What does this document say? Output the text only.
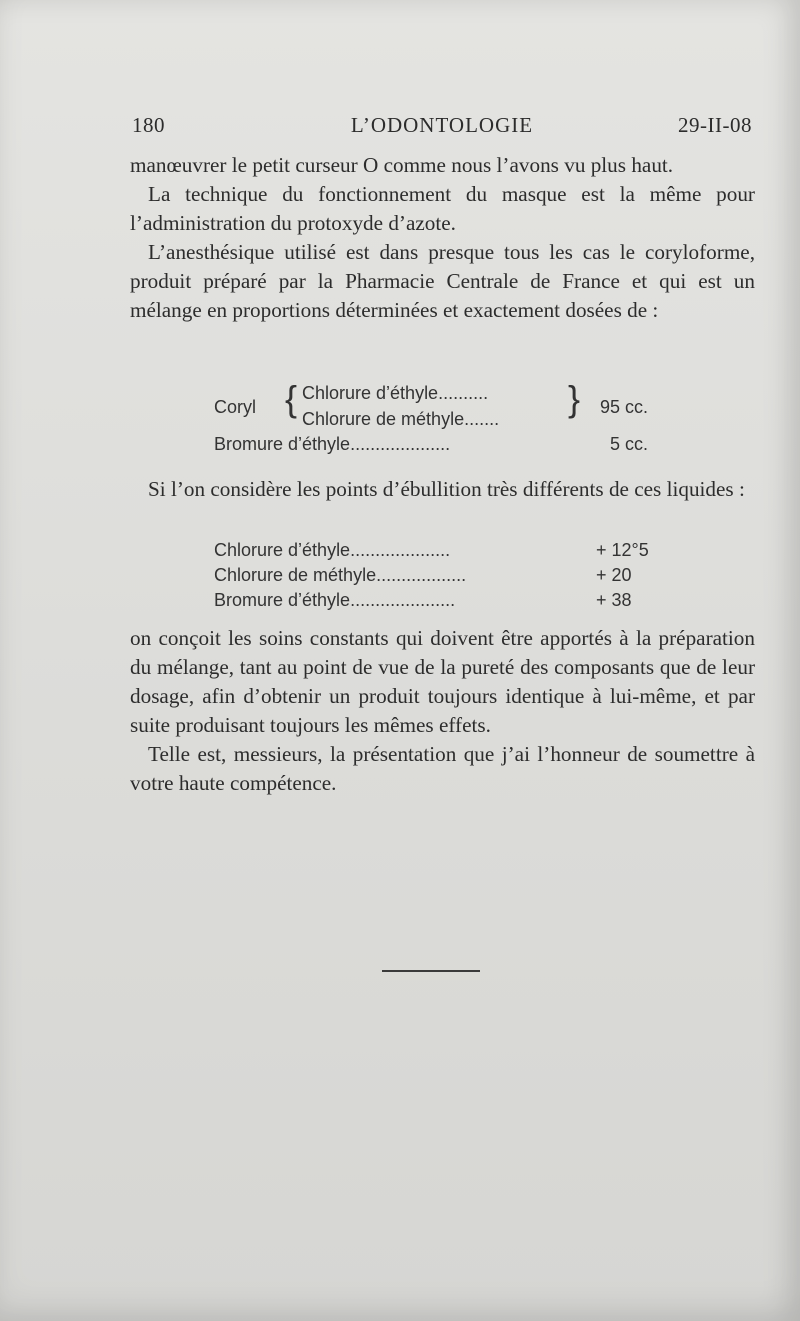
180	L’ODONTOLOGIE	29-II-08

manœuvrer le petit curseur O comme nous l’avons vu plus haut.

La technique du fonctionnement du masque est la même pour l’administration du protoxyde d’azote.

L’anesthésique utilisé est dans presque tous les cas le coryloforme, produit préparé par la Pharmacie Centrale de France et qui est un mélange en proportions déterminées et exactement dosées de :

Coryl { Chlorure d’éthyle..........
Chlorure de méthyle....... } 95 cc.
Bromure d’éthyle....................	5 cc.

Si l’on considère les points d’ébullition très différents de ces liquides :

Chlorure d’éthyle....................	+ 12°5
Chlorure de méthyle..................	+ 20
Bromure d’éthyle.....................	+ 38

on conçoit les soins constants qui doivent être apportés à la préparation du mélange, tant au point de vue de la pureté des composants que de leur dosage, afin d’obtenir un produit toujours identique à lui-même, et par suite produisant toujours les mêmes effets.

Telle est, messieurs, la présentation que j’ai l’honneur de soumettre à votre haute compétence.
